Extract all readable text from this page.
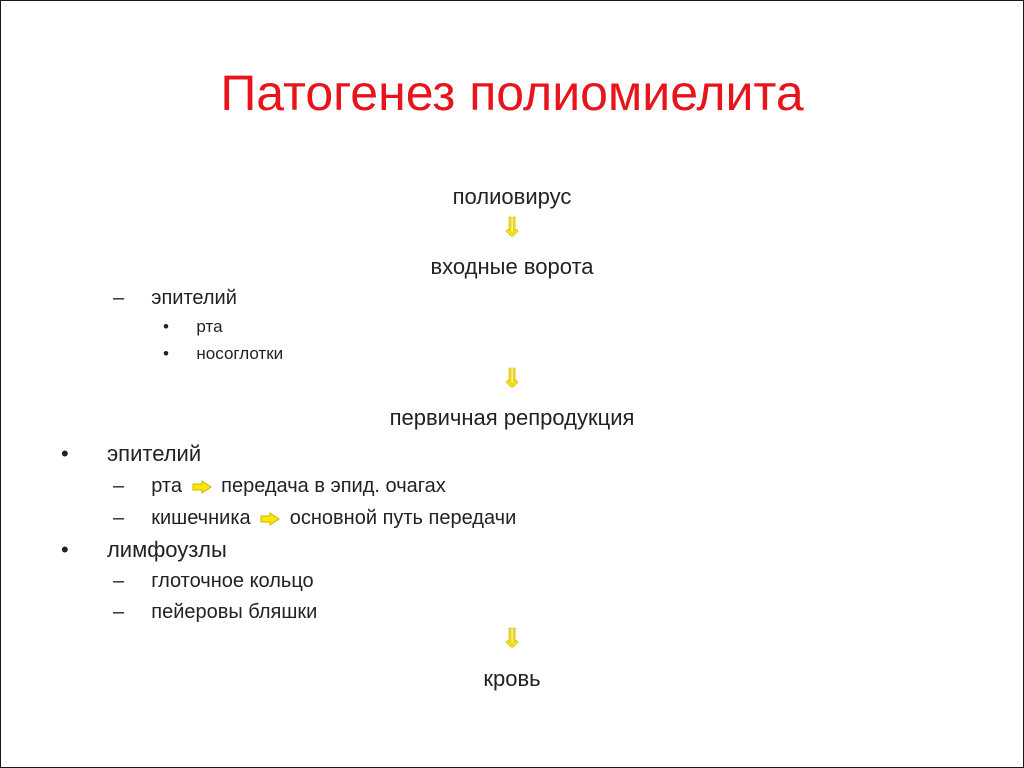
Патогенез полиомиелита
полиовирус
⇓
входные ворота
– эпителий
• рта
• носоглотки
⇓
первичная репродукция
• эпителий
– рта передача в эпид. очагах
– кишечника основной путь передачи
• лимфоузлы
– глоточное кольцо
– пейеровы бляшки
⇓
кровь
